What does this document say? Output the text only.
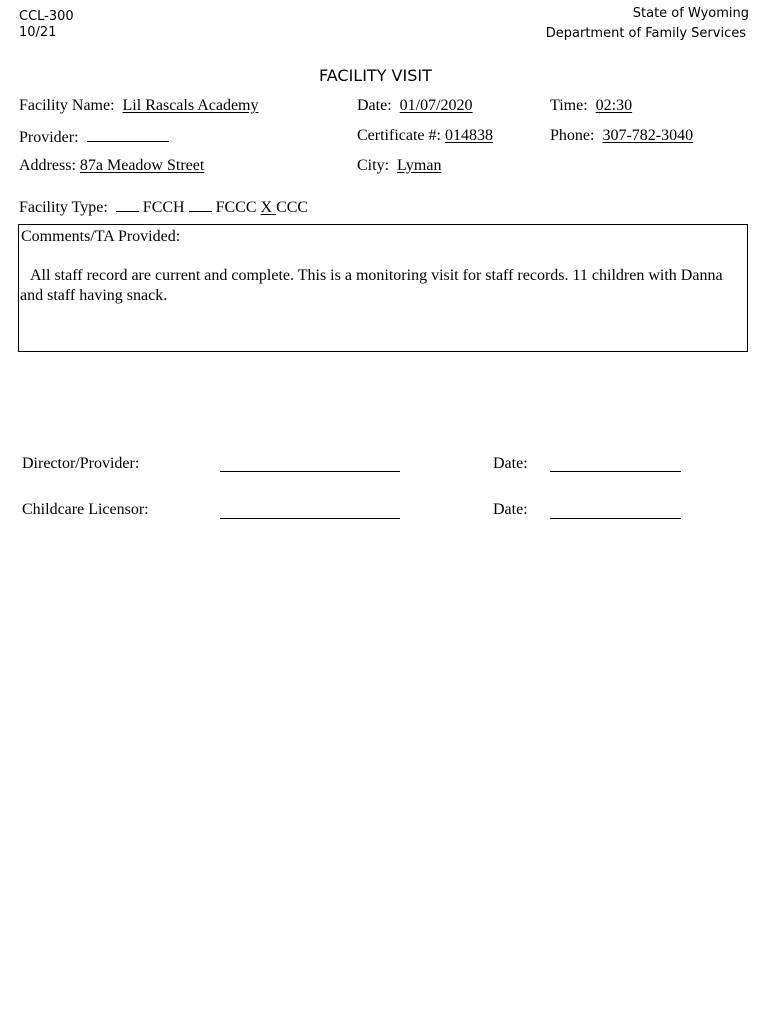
CCL-300
10/21
State of Wyoming
Department of Family Services
FACILITY VISIT
Facility Name: Lil Rascals Academy	Date: 01/07/2020	Time: 02:30
Provider:	Certificate #: 014838	Phone: 307-782-3040
Address: 87a Meadow Street	City: Lyman
Facility Type: FCCH FCCC X CCC
Comments/TA Provided:
All staff record are current and complete. This is a monitoring visit for staff records. 11 children with Danna and staff having snack.
Director/Provider:	Date:
Childcare Licensor:	Date:
